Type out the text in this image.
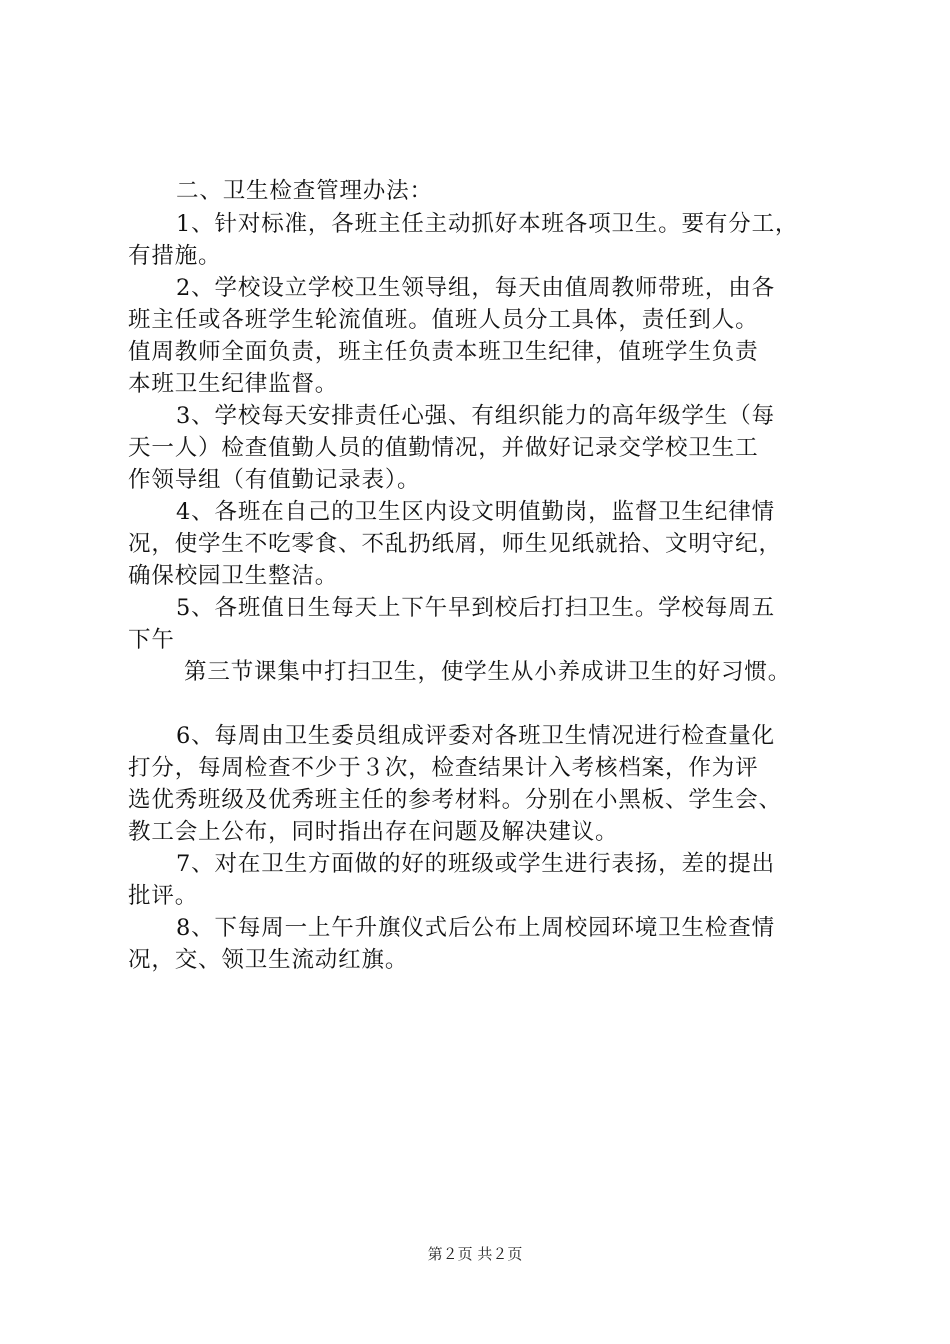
二、卫生检查管理办法：
1、针对标准，各班主任主动抓好本班各项卫生。要有分工，
有措施。
2、学校设立学校卫生领导组，每天由值周教师带班，由各
班主任或各班学生轮流值班。值班人员分工具体，责任到人。
值周教师全面负责，班主任负责本班卫生纪律，值班学生负责
本班卫生纪律监督。
3、学校每天安排责任心强、有组织能力的高年级学生（每
天一人）检查值勤人员的值勤情况，并做好记录交学校卫生工
作领导组（有值勤记录表）。
4、各班在自己的卫生区内设文明值勤岗，监督卫生纪律情
况，使学生不吃零食、不乱扔纸屑，师生见纸就拾、文明守纪，
确保校园卫生整洁。
5、各班值日生每天上下午早到校后打扫卫生。学校每周五
下午
第三节课集中打扫卫生，使学生从小养成讲卫生的好习惯。
6、每周由卫生委员组成评委对各班卫生情况进行检查量化
打分，每周检查不少于３次，检查结果计入考核档案，作为评
选优秀班级及优秀班主任的参考材料。分别在小黑板、学生会、
教工会上公布，同时指出存在问题及解决建议。
7、对在卫生方面做的好的班级或学生进行表扬，差的提出
批评。
8、下每周一上午升旗仪式后公布上周校园环境卫生检查情
况，交、领卫生流动红旗。
第２页 共２页
